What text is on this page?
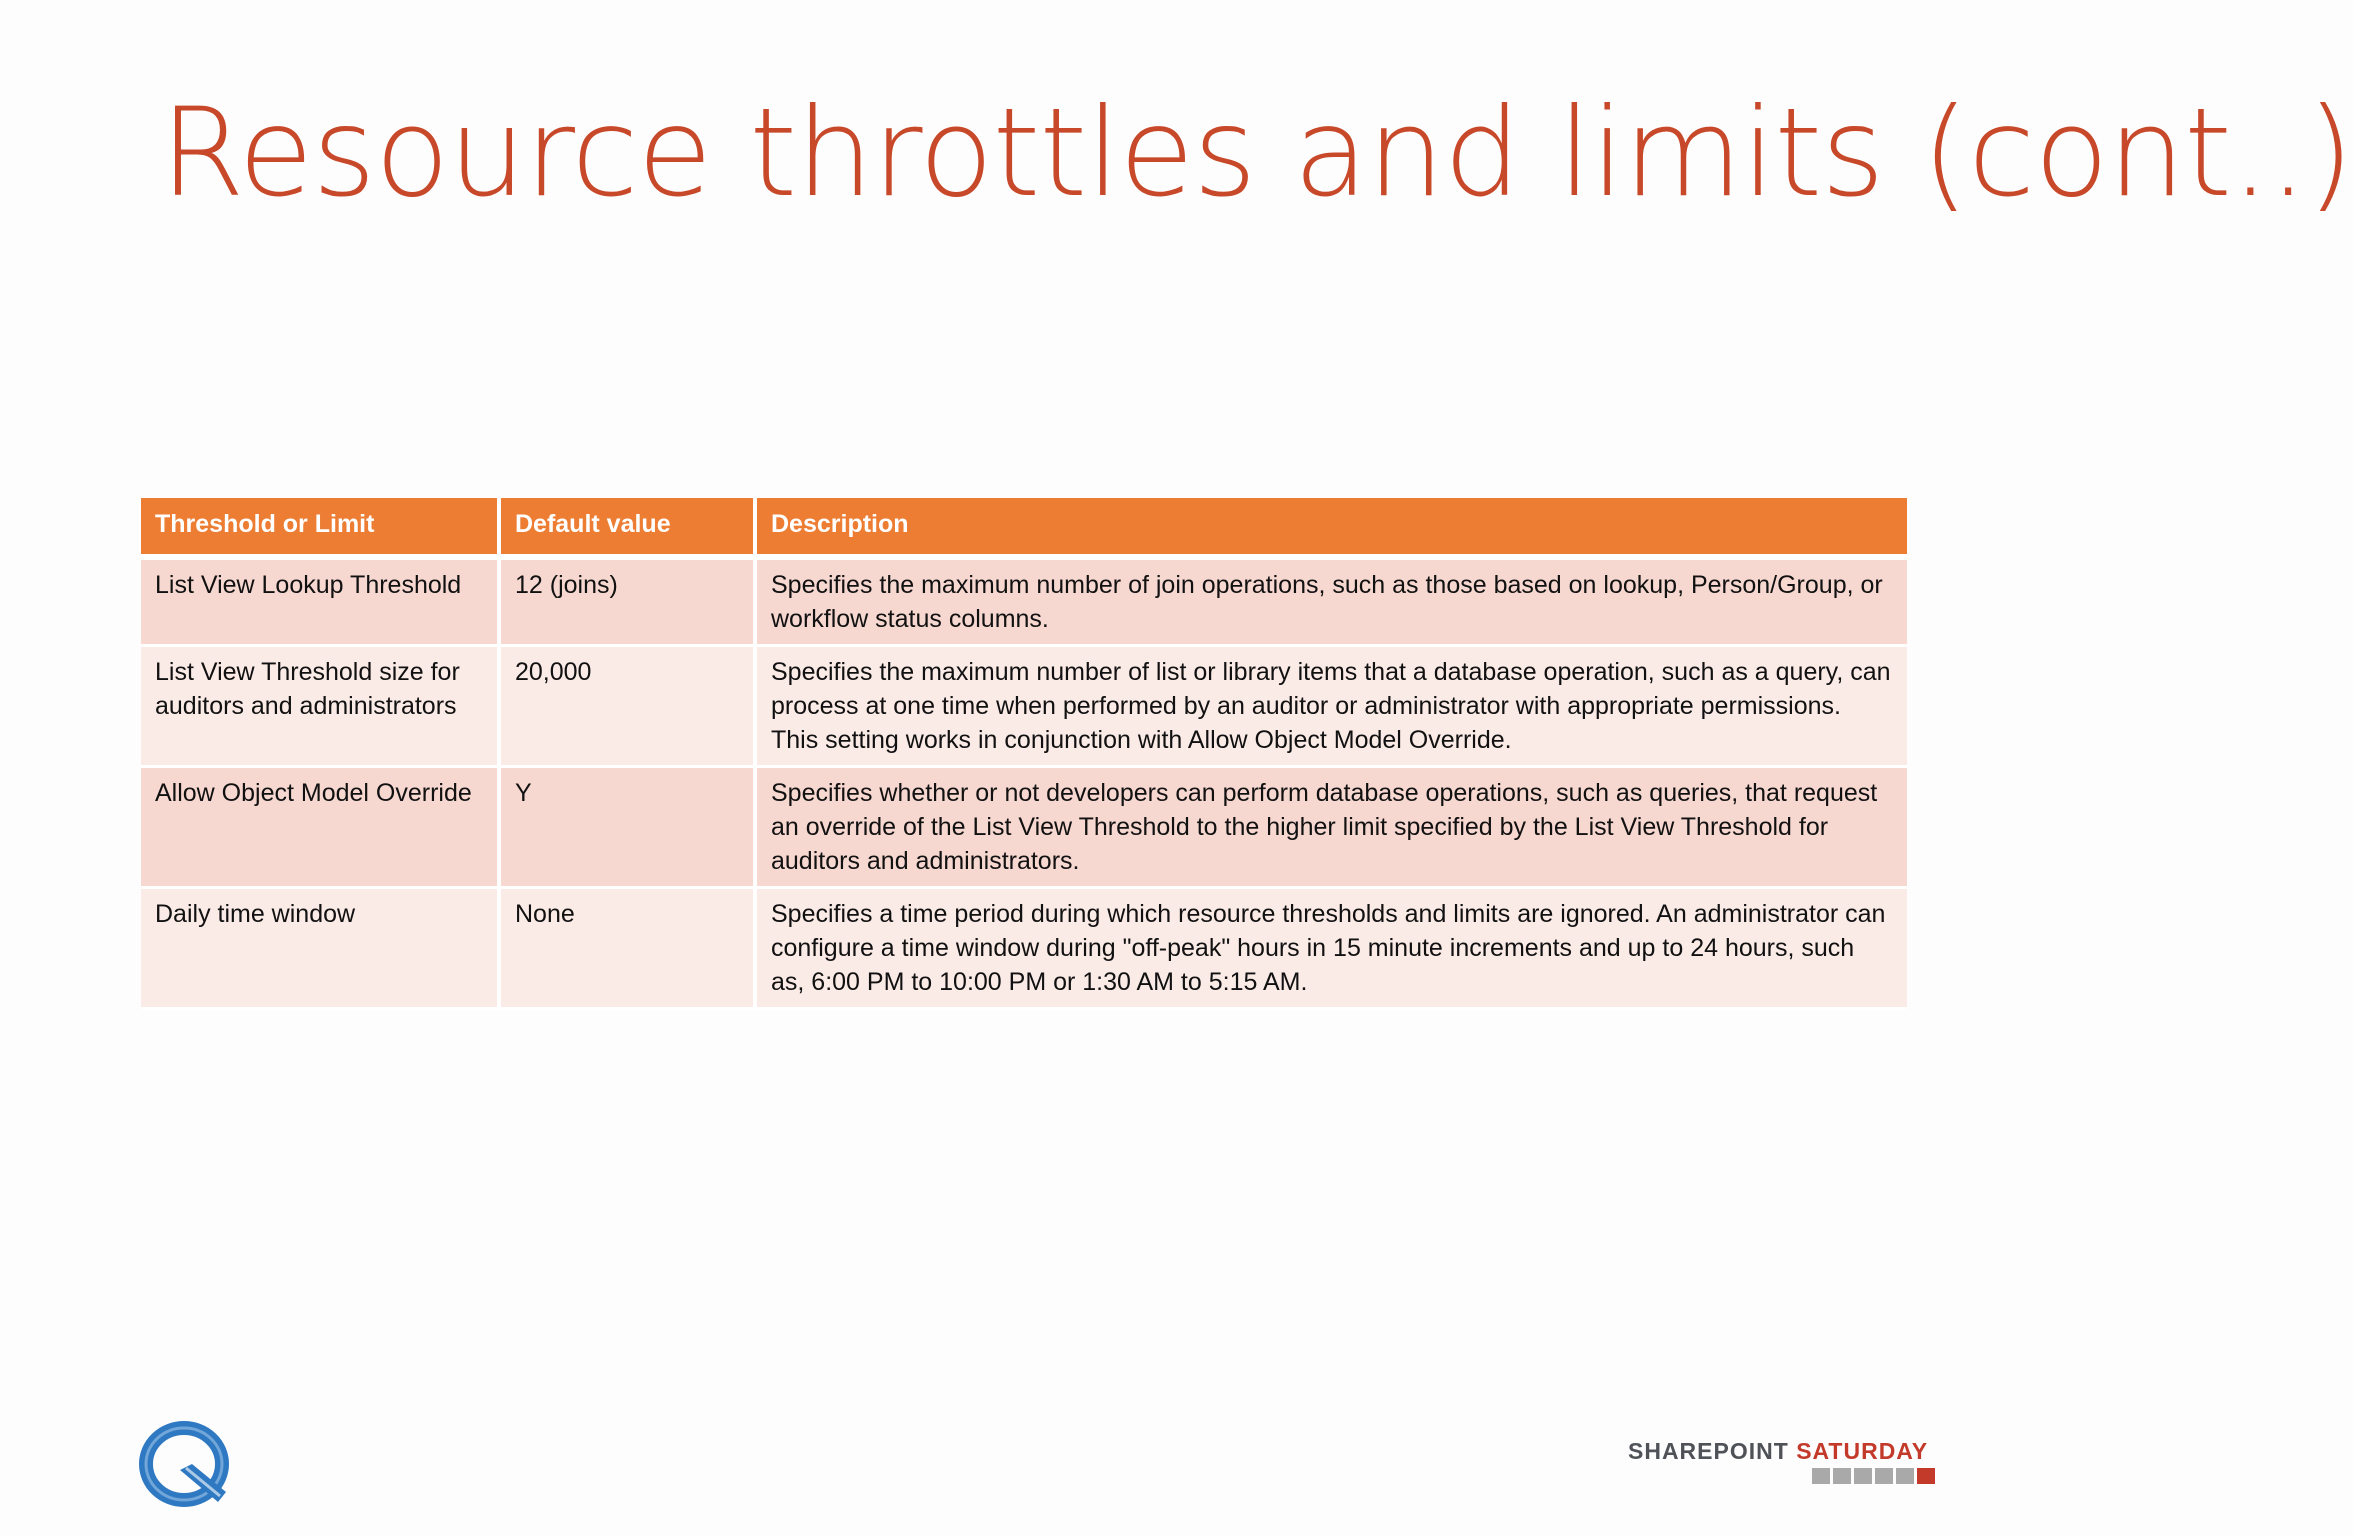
Resource throttles and limits (cont..)
Threshold or Limit	Default value	Description
List View Lookup Threshold	12 (joins)	Specifies the maximum number of join operations, such as those based on lookup, Person/Group, or workflow status columns.
List View Threshold size for auditors and administrators	20,000	Specifies the maximum number of list or library items that a database operation, such as a query, can process at one time when performed by an auditor or administrator with appropriate permissions. This setting works in conjunction with Allow Object Model Override.
Allow Object Model Override	Y	Specifies whether or not developers can perform database operations, such as queries, that request an override of the List View Threshold to the higher limit specified by the List View Threshold for auditors and administrators.
Daily time window	None	Specifies a time period during which resource thresholds and limits are ignored. An administrator can configure a time window during "off-peak" hours in 15 minute increments and up to 24 hours, such as, 6:00 PM to 10:00 PM or 1:30 AM to 5:15 AM.
SHAREPOINT SATURDAY
